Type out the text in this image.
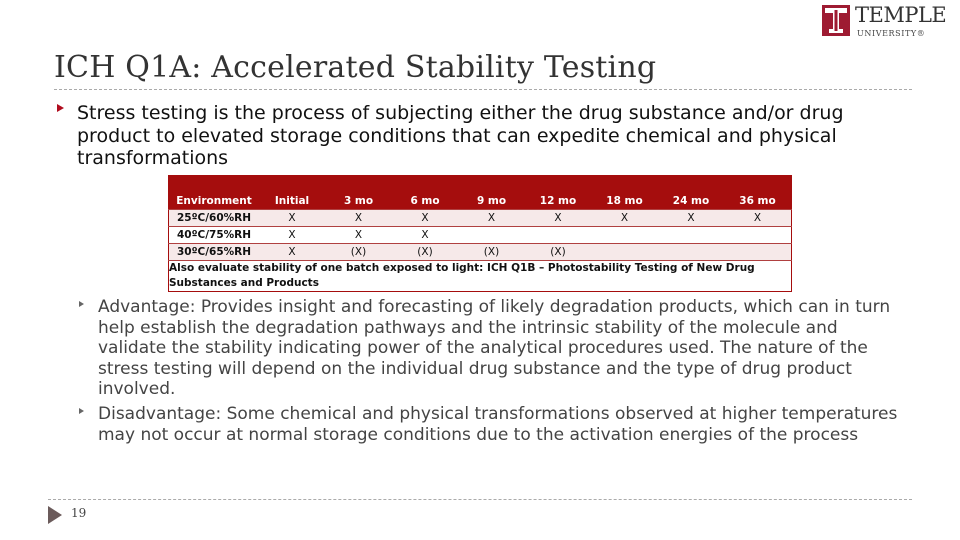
TEMPLE
UNIVERSITY®
ICH Q1A: Accelerated Stability Testing
Stress testing is the process of subjecting either the drug substance and/or drug product to elevated storage conditions that can expedite chemical and physical transformations
Environment	Initial	3 mo	6 mo	9 mo	12 mo	18 mo	24 mo	36 mo
25ºC/60%RH	X	X	X	X	X	X	X	X
40ºC/75%RH	X	X	X					
30ºC/65%RH	X	(X)	(X)	(X)	(X)			
Also evaluate stability of one batch exposed to light: ICH Q1B – Photostability Testing of New Drug Substances and Products								
Advantage: Provides insight and forecasting of likely degradation products, which can in turn help establish the degradation pathways and the intrinsic stability of the molecule and validate the stability indicating power of the analytical procedures used. The nature of the stress testing will depend on the individual drug substance and the type of drug product involved.
Disadvantage: Some chemical and physical transformations observed at higher temperatures may not occur at normal storage conditions due to the activation energies of the process
19
